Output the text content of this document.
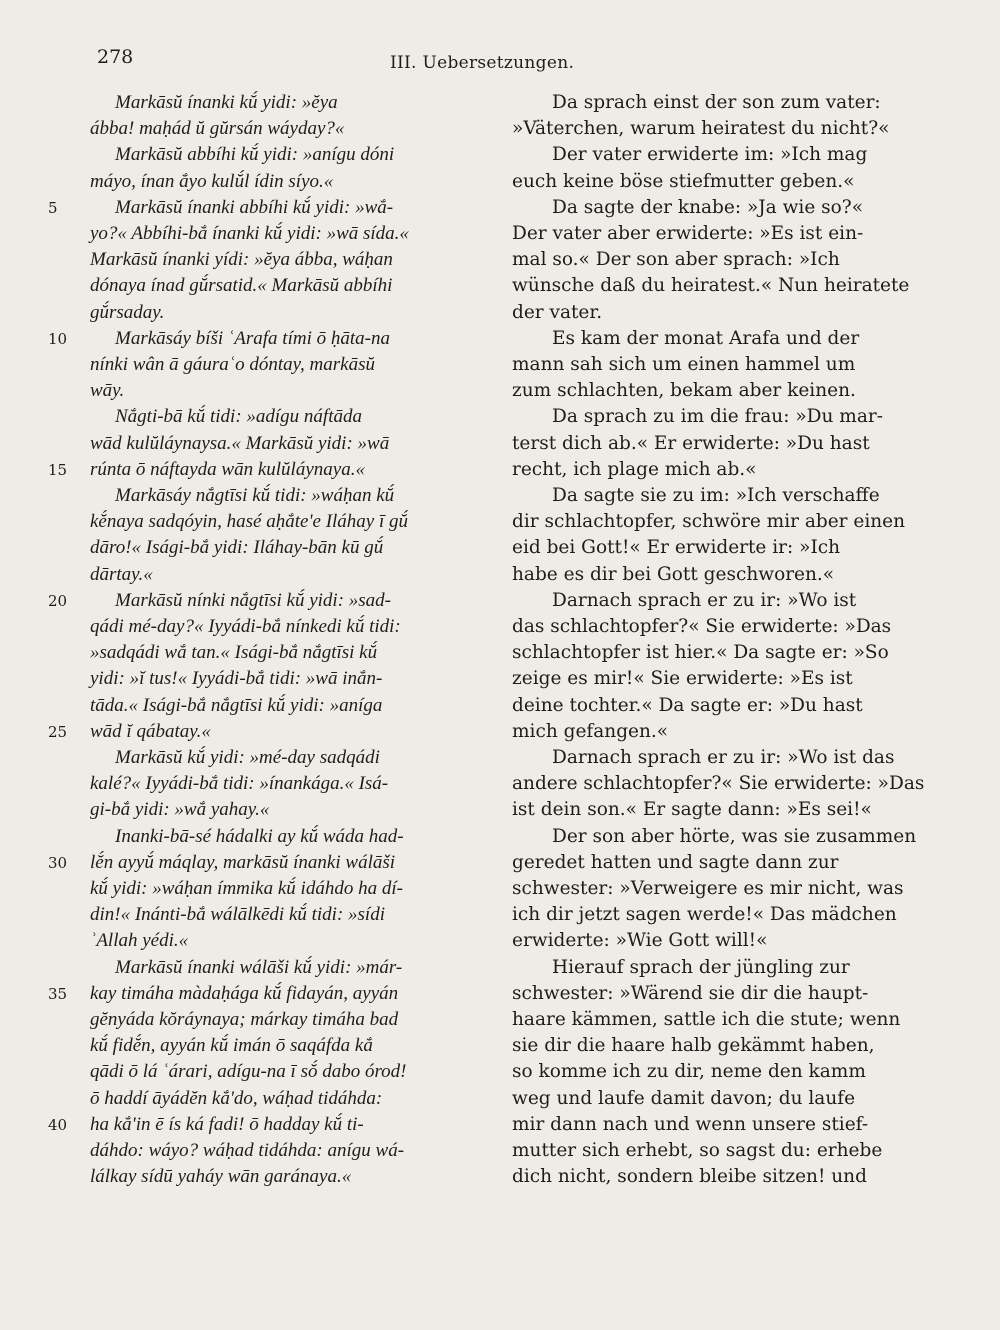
278	III. Uebersetzungen.
5
10
15
20
25
30
35
40
Markāsŭ ínanki kŭ́ yidi: »ĕya
ábba! maḥád ŭ gŭrsán wáyday?«
Markāsŭ abbíhi kŭ́ yidi: »anígu dóni
máyo, ínan ắyo kulŭ́l ídin síyo.«
Markāsŭ ínanki abbíhi kŭ́ yidi: »wắ-
yo?« Abbíhi-bắ ínanki kŭ́ yidi: »wā sída.«
Markāsŭ ínanki yídi: »ĕya ábba, wáḥan
dónaya ínad gŭ́rsatid.« Markāsŭ abbíhi
gŭ́rsaday.
Markāsáy bíši ʿArafa tími ō ḥāta-na
nínki wân ā gáuraʿo dóntay, markāsŭ
wāy.
Nắgti-bā kŭ́ tidi: »adígu náftāda
wād kulŭláynaysa.« Markāsŭ yidi: »wā
rúnta ō náftayda wān kulŭláynaya.«
Markāsáy nắgtīsi kŭ́ tidi: »wáḥan kŭ́
kĕ́naya sadqóyin, hasé aḥắte'e Iláhay ī gŭ́
dāro!« Isági-bắ yidi: Iláhay-bān kū gŭ́
dārtay.«
Markāsŭ nínki nắgtīsi kŭ́ yidi: »sad-
qádi mé-day?« Iyyádi-bắ nínkedi kŭ́ tidi:
»sadqádi wắ tan.« Isági-bắ nắgtīsi kŭ́
yidi: »ĭ tus!« Iyyádi-bắ tidi: »wā inắn-
tāda.« Isági-bắ nắgtīsi kŭ́ yidi: »aníga
wād ĭ qábatay.«
Markāsŭ kŭ́ yidi: »mé-day sadqádi
kalé?« Iyyádi-bắ tidi: »ínankága.« Isá-
gi-bắ yidi: »wắ yahay.«
Inanki-bā-sé hádalki ay kŭ́ wáda had-
lĕ́n ayyŭ́ máqlay, markāsŭ ínanki wálāši
kŭ́ yidi: »wáḥan ímmika kŭ́ idáhdo ha dí-
din!« Inánti-bắ wálālkēdi kŭ́ tidi: »sídi
ʾAllah yédi.«
Markāsŭ ínanki wálāši kŭ́ yidi: »már-
kay timáha màdaḥága kŭ́ fidayán, ayyán
gĕnyáda kŏráynaya; márkay timáha bad
kŭ́ fidĕ́n, ayyán kŭ́ imán ō saqáfda kắ
qādi ō lá ʿárari, adígu-na ī sŏ́ dabo órod!
ō haddí āyádĕn kắ'do, wáḥad tidáhda:
ha kắ'in ē ís ká fadi! ō hadday kŭ́ ti-
dáhdo: wáyo? wáḥad tidáhda: anígu wá-
lálkay sídū yaháy wān garánaya.«
Da sprach einst der son zum vater:
»Väterchen, warum heiratest du nicht?«
Der vater erwiderte im: »Ich mag
euch keine böse stiefmutter geben.«
Da sagte der knabe: »Ja wie so?«
Der vater aber erwiderte: »Es ist ein-
mal so.« Der son aber sprach: »Ich
wünsche daß du heiratest.« Nun heiratete
der vater.
Es kam der monat Arafa und der
mann sah sich um einen hammel um
zum schlachten, bekam aber keinen.
Da sprach zu im die frau: »Du mar-
terst dich ab.« Er erwiderte: »Du hast
recht, ich plage mich ab.«
Da sagte sie zu im: »Ich verschaffe
dir schlachtopfer, schwöre mir aber einen
eid bei Gott!« Er erwiderte ir: »Ich
habe es dir bei Gott geschworen.«
Darnach sprach er zu ir: »Wo ist
das schlachtopfer?« Sie erwiderte: »Das
schlachtopfer ist hier.« Da sagte er: »So
zeige es mir!« Sie erwiderte: »Es ist
deine tochter.« Da sagte er: »Du hast
mich gefangen.«
Darnach sprach er zu ir: »Wo ist das
andere schlachtopfer?« Sie erwiderte: »Das
ist dein son.« Er sagte dann: »Es sei!«
Der son aber hörte, was sie zusammen
geredet hatten und sagte dann zur
schwester: »Verweigere es mir nicht, was
ich dir jetzt sagen werde!« Das mädchen
erwiderte: »Wie Gott will!«
Hierauf sprach der jüngling zur
schwester: »Wärend sie dir die haupt-
haare kämmen, sattle ich die stute; wenn
sie dir die haare halb gekämmt haben,
so komme ich zu dir, neme den kamm
weg und laufe damit davon; du laufe
mir dann nach und wenn unsere stief-
mutter sich erhebt, so sagst du: erhebe
dich nicht, sondern bleibe sitzen! und
